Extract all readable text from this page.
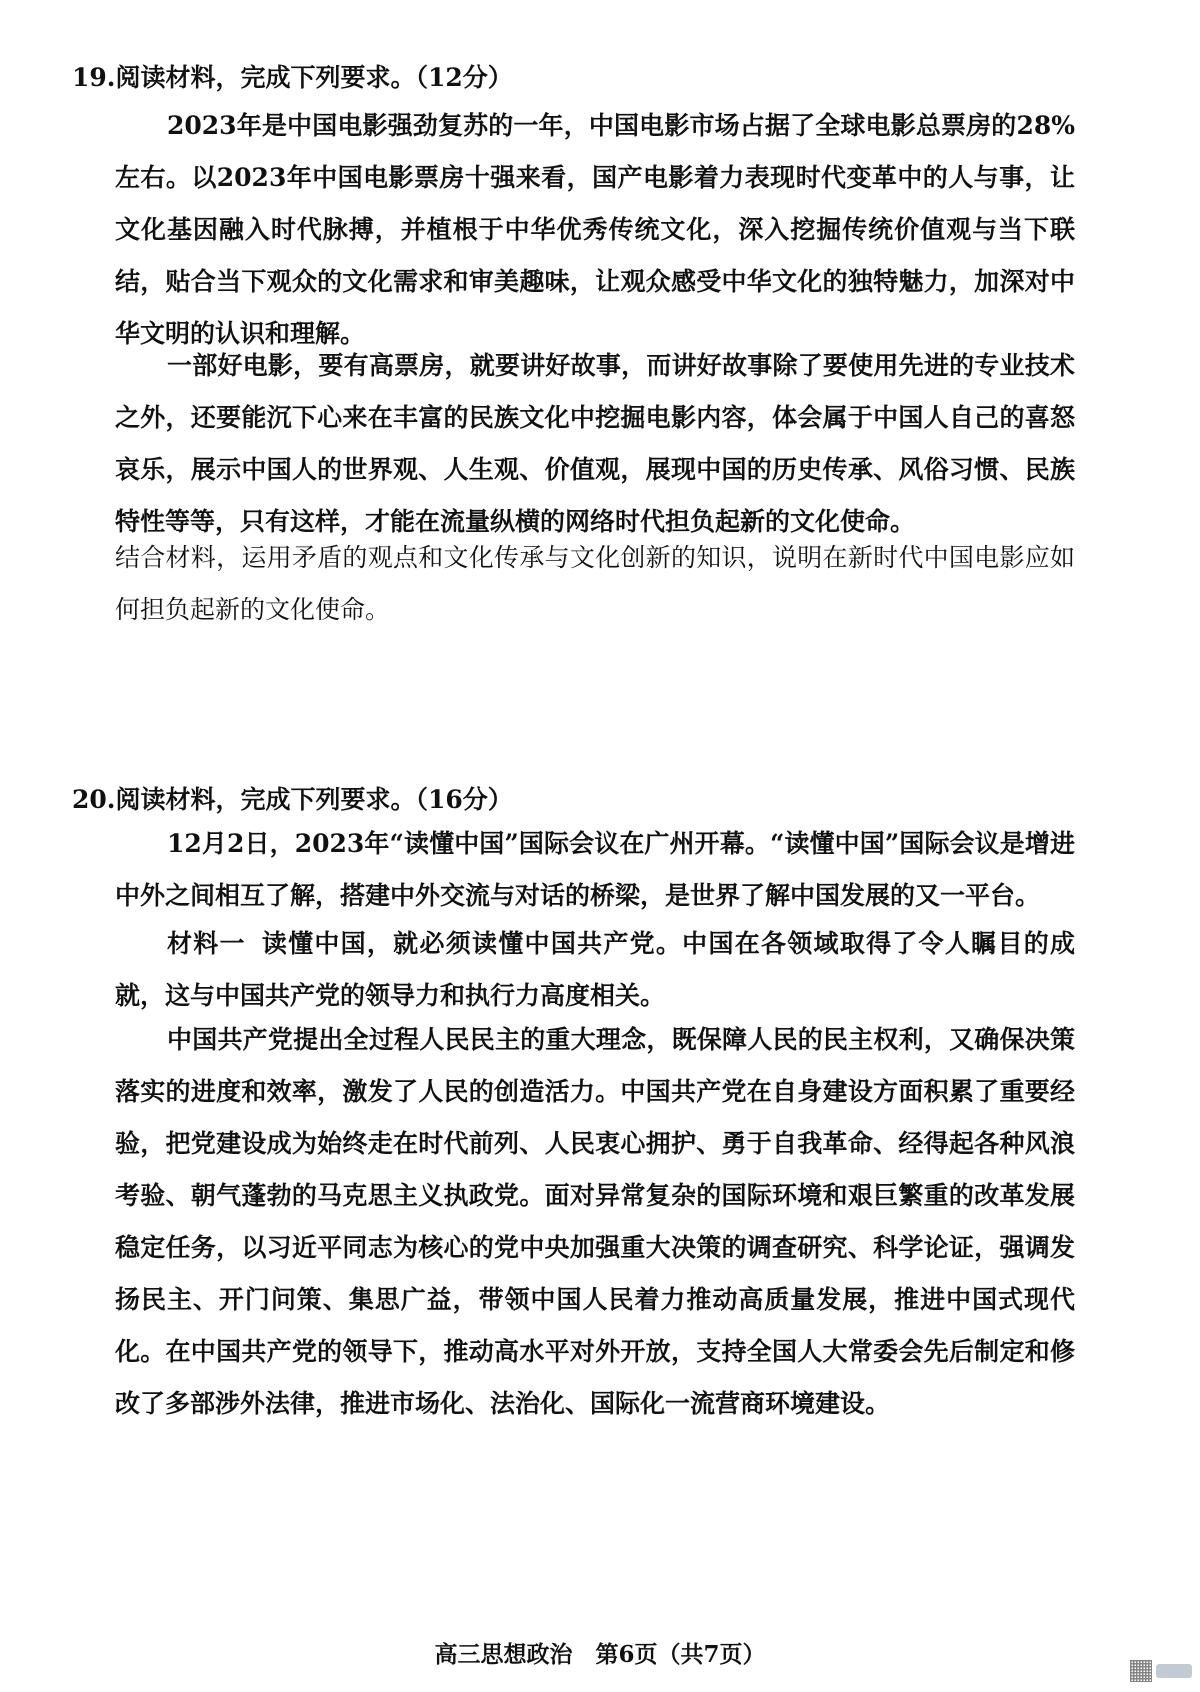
19.阅读材料，完成下列要求。（12分）
2023年是中国电影强劲复苏的一年，中国电影市场占据了全球电影总票房的28%左右。以2023年中国电影票房十强来看，国产电影着力表现时代变革中的人与事，让文化基因融入时代脉搏，并植根于中华优秀传统文化，深入挖掘传统价值观与当下联结，贴合当下观众的文化需求和审美趣味，让观众感受中华文化的独特魅力，加深对中华文明的认识和理解。
一部好电影，要有高票房，就要讲好故事，而讲好故事除了要使用先进的专业技术之外，还要能沉下心来在丰富的民族文化中挖掘电影内容，体会属于中国人自己的喜怒哀乐，展示中国人的世界观、人生观、价值观，展现中国的历史传承、风俗习惯、民族特性等等，只有这样，才能在流量纵横的网络时代担负起新的文化使命。
结合材料，运用矛盾的观点和文化传承与文化创新的知识，说明在新时代中国电影应如何担负起新的文化使命。
20.阅读材料，完成下列要求。（16分）
12月2日，2023年“读懂中国”国际会议在广州开幕。“读懂中国”国际会议是增进中外之间相互了解，搭建中外交流与对话的桥梁，是世界了解中国发展的又一平台。
材料一 读懂中国，就必须读懂中国共产党。中国在各领域取得了令人瞩目的成就，这与中国共产党的领导力和执行力高度相关。
中国共产党提出全过程人民民主的重大理念，既保障人民的民主权利，又确保决策落实的进度和效率，激发了人民的创造活力。中国共产党在自身建设方面积累了重要经验，把党建设成为始终走在时代前列、人民衷心拥护、勇于自我革命、经得起各种风浪考验、朝气蓬勃的马克思主义执政党。面对异常复杂的国际环境和艰巨繁重的改革发展稳定任务，以习近平同志为核心的党中央加强重大决策的调查研究、科学论证，强调发扬民主、开门问策、集思广益，带领中国人民着力推动高质量发展，推进中国式现代化。在中国共产党的领导下，推动高水平对外开放，支持全国人大常委会先后制定和修改了多部涉外法律，推进市场化、法治化、国际化一流营商环境建设。
高三思想政治　第6页（共7页）
